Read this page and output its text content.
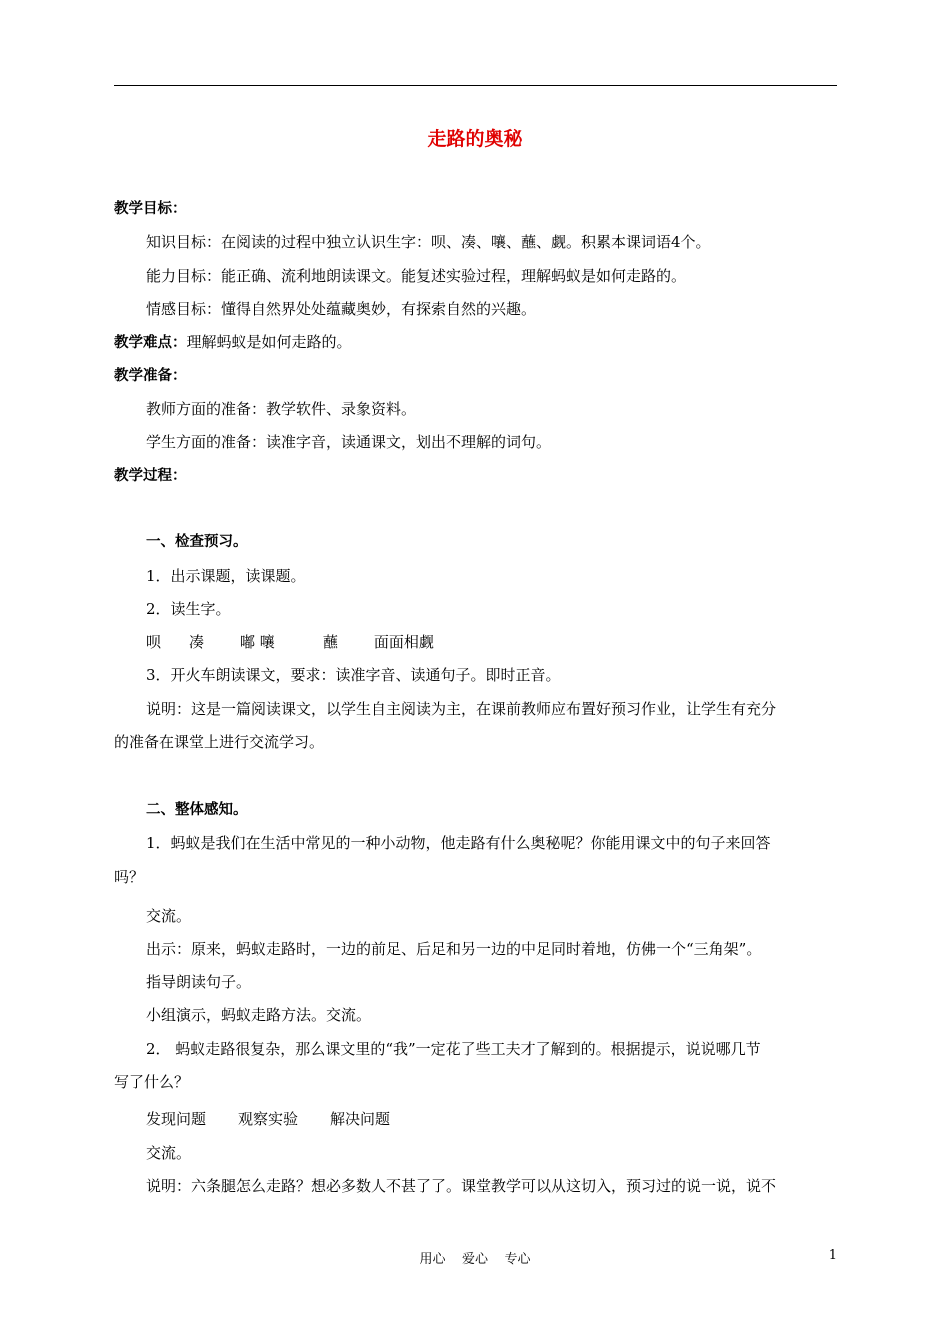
走路的奥秘
教学目标：
知识目标：在阅读的过程中独立认识生字：呗、凑、嚷、蘸、觑。积累本课词语4个。
能力目标：能正确、流利地朗读课文。能复述实验过程，理解蚂蚁是如何走路的。
情感目标：懂得自然界处处蕴藏奥妙，有探索自然的兴趣。
教学难点：理解蚂蚁是如何走路的。
教学准备：
教师方面的准备：教学软件、录象资料。
学生方面的准备：读准字音，读通课文，划出不理解的词句。
教学过程：
一、检查预习。
1．出示课题，读课题。
2．读生字。
呗 凑 嘟 嚷	蘸 面面相觑
3．开火车朗读课文，要求：读准字音、读通句子。即时正音。
说明：这是一篇阅读课文，以学生自主阅读为主，在课前教师应布置好预习作业，让学生有充分
的准备在课堂上进行交流学习。
二、整体感知。
1．蚂蚁是我们在生活中常见的一种小动物，他走路有什么奥秘呢？你能用课文中的句子来回答
吗？
交流。
出示：原来，蚂蚁走路时，一边的前足、后足和另一边的中足同时着地，仿佛一个“三角架”。
指导朗读句子。
小组演示，蚂蚁走路方法。交流。
2． 蚂蚁走路很复杂，那么课文里的“我”一定花了些工夫才了解到的。根据提示，说说哪几节
写了什么？
发现问题 观察实验 解决问题
交流。
说明：六条腿怎么走路？想必多数人不甚了了。课堂教学可以从这切入，预习过的说一说，说不
用心    爱心    专心	1
